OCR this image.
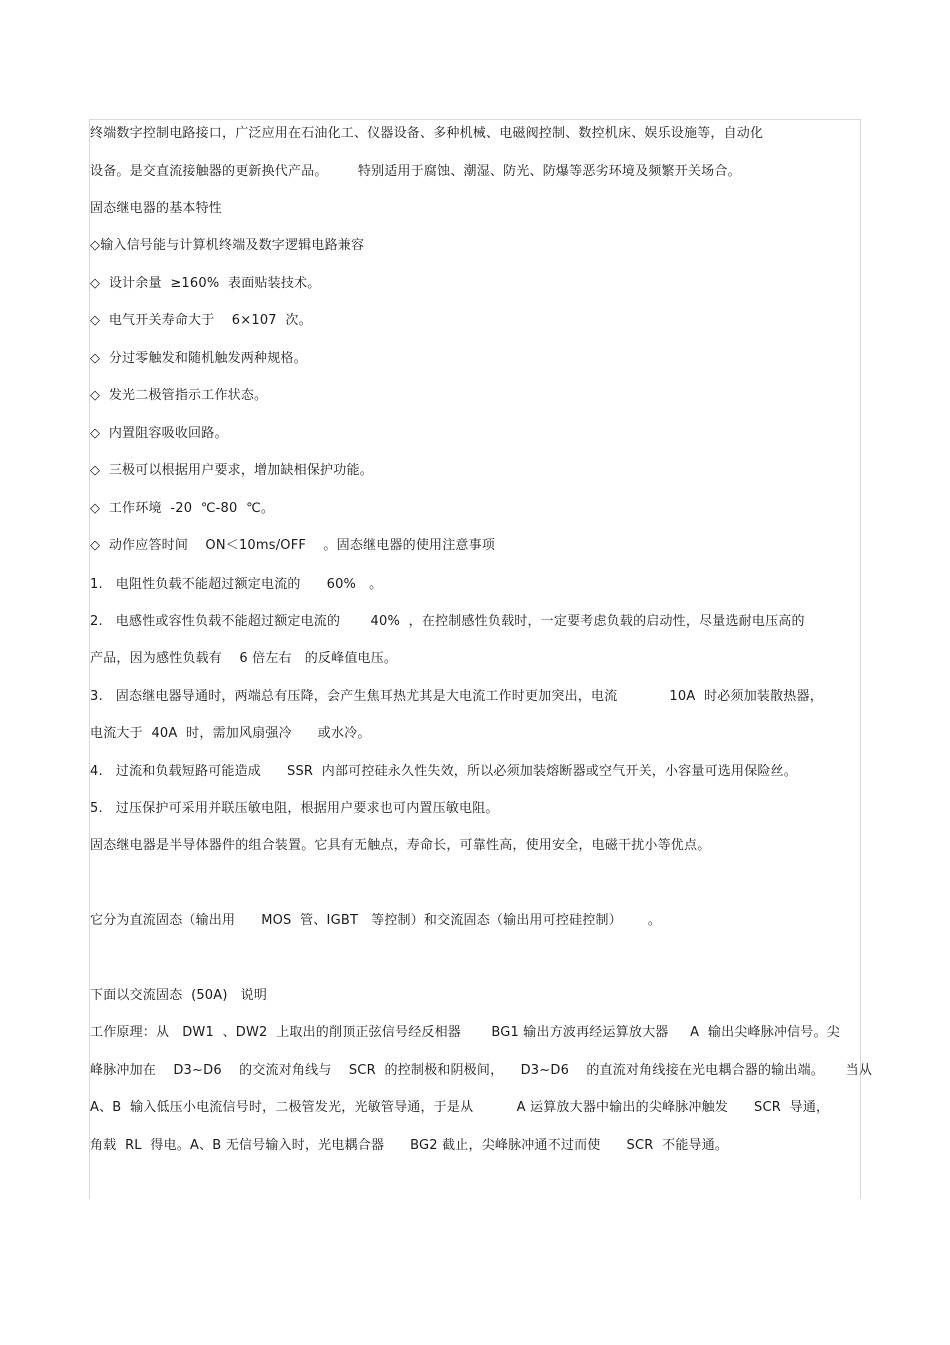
终端数字控制电路接口，广泛应用在石油化工、仪器设备、多种机械、电磁阀控制、数控机床、娱乐设施等，自动化
设备。是交直流接触器的更新换代产品。       特别适用于腐蚀、潮湿、防光、防爆等恶劣环境及频繁开关场合。
固态继电器的基本特性
◇输入信号能与计算机终端及数字逻辑电路兼容
◇  设计余量  ≥160%  表面贴装技术。
◇  电气开关寿命大于    6×107  次。
◇  分过零触发和随机触发两种规格。
◇  发光二极管指示工作状态。
◇  内置阻容吸收回路。
◇  三极可以根据用户要求，增加缺相保护功能。
◇  工作环境  -20  ℃-80  ℃。
◇  动作应答时间    ON＜10ms/OFF    。固态继电器的使用注意事项
1.   电阻性负载不能超过额定电流的      60%   。
2.   电感性或容性负载不能超过额定电流的       40%  ，在控制感性负载时，一定要考虑负载的启动性，尽量选耐电压高的
产品，因为感性负载有    6 倍左右   的反峰值电压。
3.   固态继电器导通时，两端总有压降，会产生焦耳热尤其是大电流工作时更加突出，电流            10A  时必须加装散热器，
电流大于  40A  时，需加风扇强冷      或水冷。
4.   过流和负载短路可能造成      SSR  内部可控硅永久性失效，所以必须加装熔断器或空气开关，小容量可选用保险丝。
5.   过压保护可采用并联压敏电阻，根据用户要求也可内置压敏电阻。
固态继电器是半导体器件的组合装置。它具有无触点，寿命长，可靠性高，使用安全，电磁干扰小等优点。
它分为直流固态（输出用      MOS  管、IGBT   等控制）和交流固态（输出用可控硅控制）      。
下面以交流固态  (50A)   说明
工作原理：从   DW1  、DW2  上取出的削顶正弦信号经反相器       BG1 输出方波再经运算放大器     A  输出尖峰脉冲信号。尖
峰脉冲加在    D3~D6    的交流对角线与    SCR  的控制极和阴极间，    D3~D6    的直流对角线接在光电耦合器的输出端。     当从
A、B  输入低压小电流信号时，二极管发光，光敏管导通，于是从          A 运算放大器中输出的尖峰脉冲触发      SCR  导通，
角载  RL  得电。A、B 无信号输入时，光电耦合器      BG2 截止，尖峰脉冲通不过而使      SCR  不能导通。
